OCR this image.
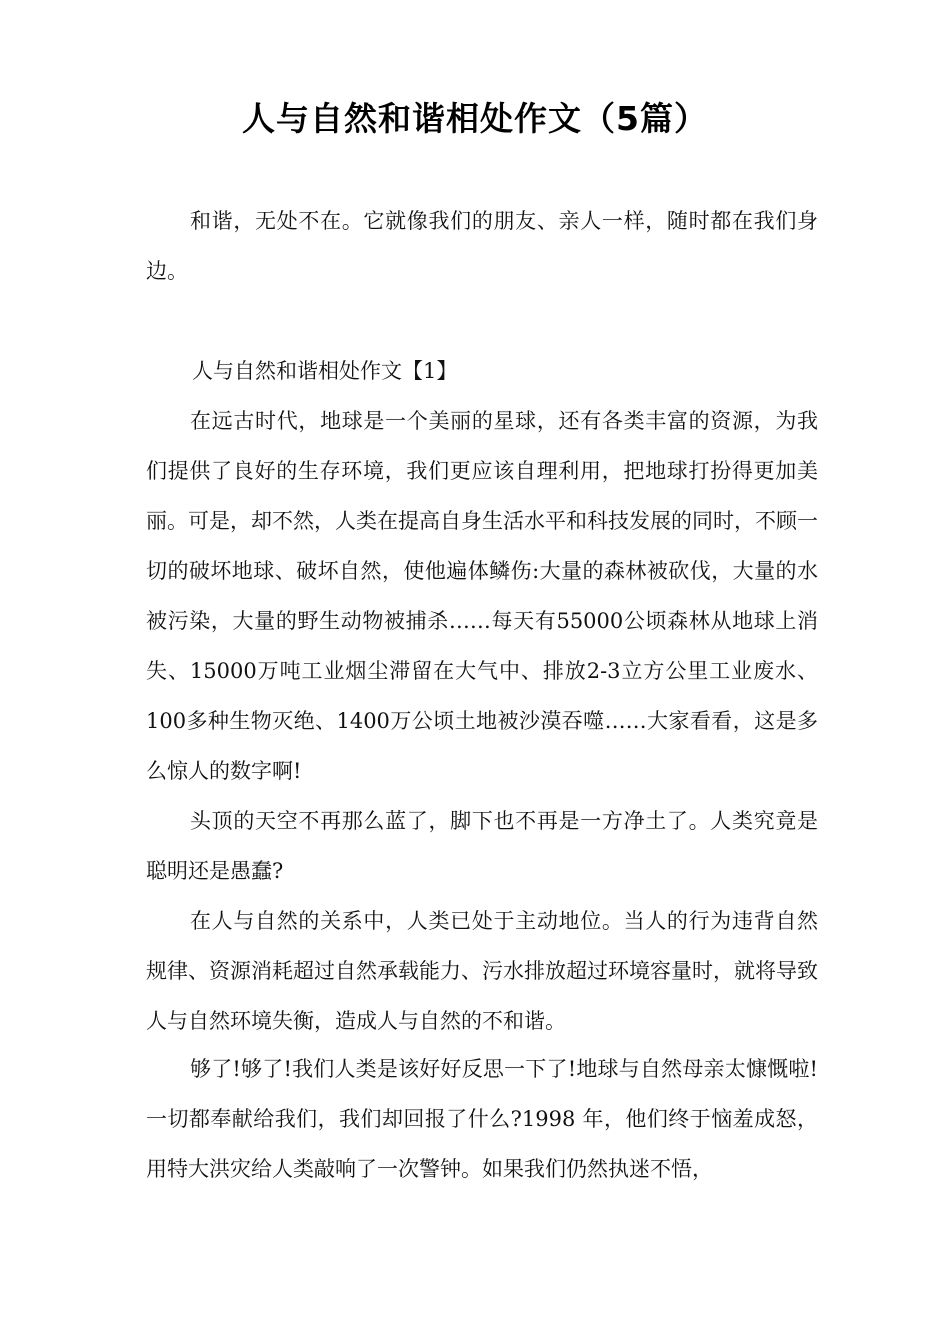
人与自然和谐相处作文（5篇）

和谐，无处不在。它就像我们的朋友、亲人一样，随时都在我们身边。

人与自然和谐相处作文【1】

在远古时代，地球是一个美丽的星球，还有各类丰富的资源，为我们提供了良好的生存环境，我们更应该自理利用，把地球打扮得更加美丽。可是，却不然，人类在提高自身生活水平和科技发展的同时，不顾一切的破坏地球、破坏自然，使他遍体鳞伤:大量的森林被砍伐，大量的水被污染，大量的野生动物被捕杀……每天有55000公顷森林从地球上消失、15000万吨工业烟尘滞留在大气中、排放2-3立方公里工业废水、100多种生物灭绝、1400万公顷土地被沙漠吞噬……大家看看，这是多么惊人的数字啊!

头顶的天空不再那么蓝了，脚下也不再是一方净土了。人类究竟是聪明还是愚蠢?

在人与自然的关系中，人类已处于主动地位。当人的行为违背自然规律、资源消耗超过自然承载能力、污水排放超过环境容量时，就将导致人与自然环境失衡，造成人与自然的不和谐。

够了!够了!我们人类是该好好反思一下了!地球与自然母亲太慷慨啦!一切都奉献给我们，我们却回报了什么?1998 年，他们终于恼羞成怒，用特大洪灾给人类敲响了一次警钟。如果我们仍然执迷不悟，
